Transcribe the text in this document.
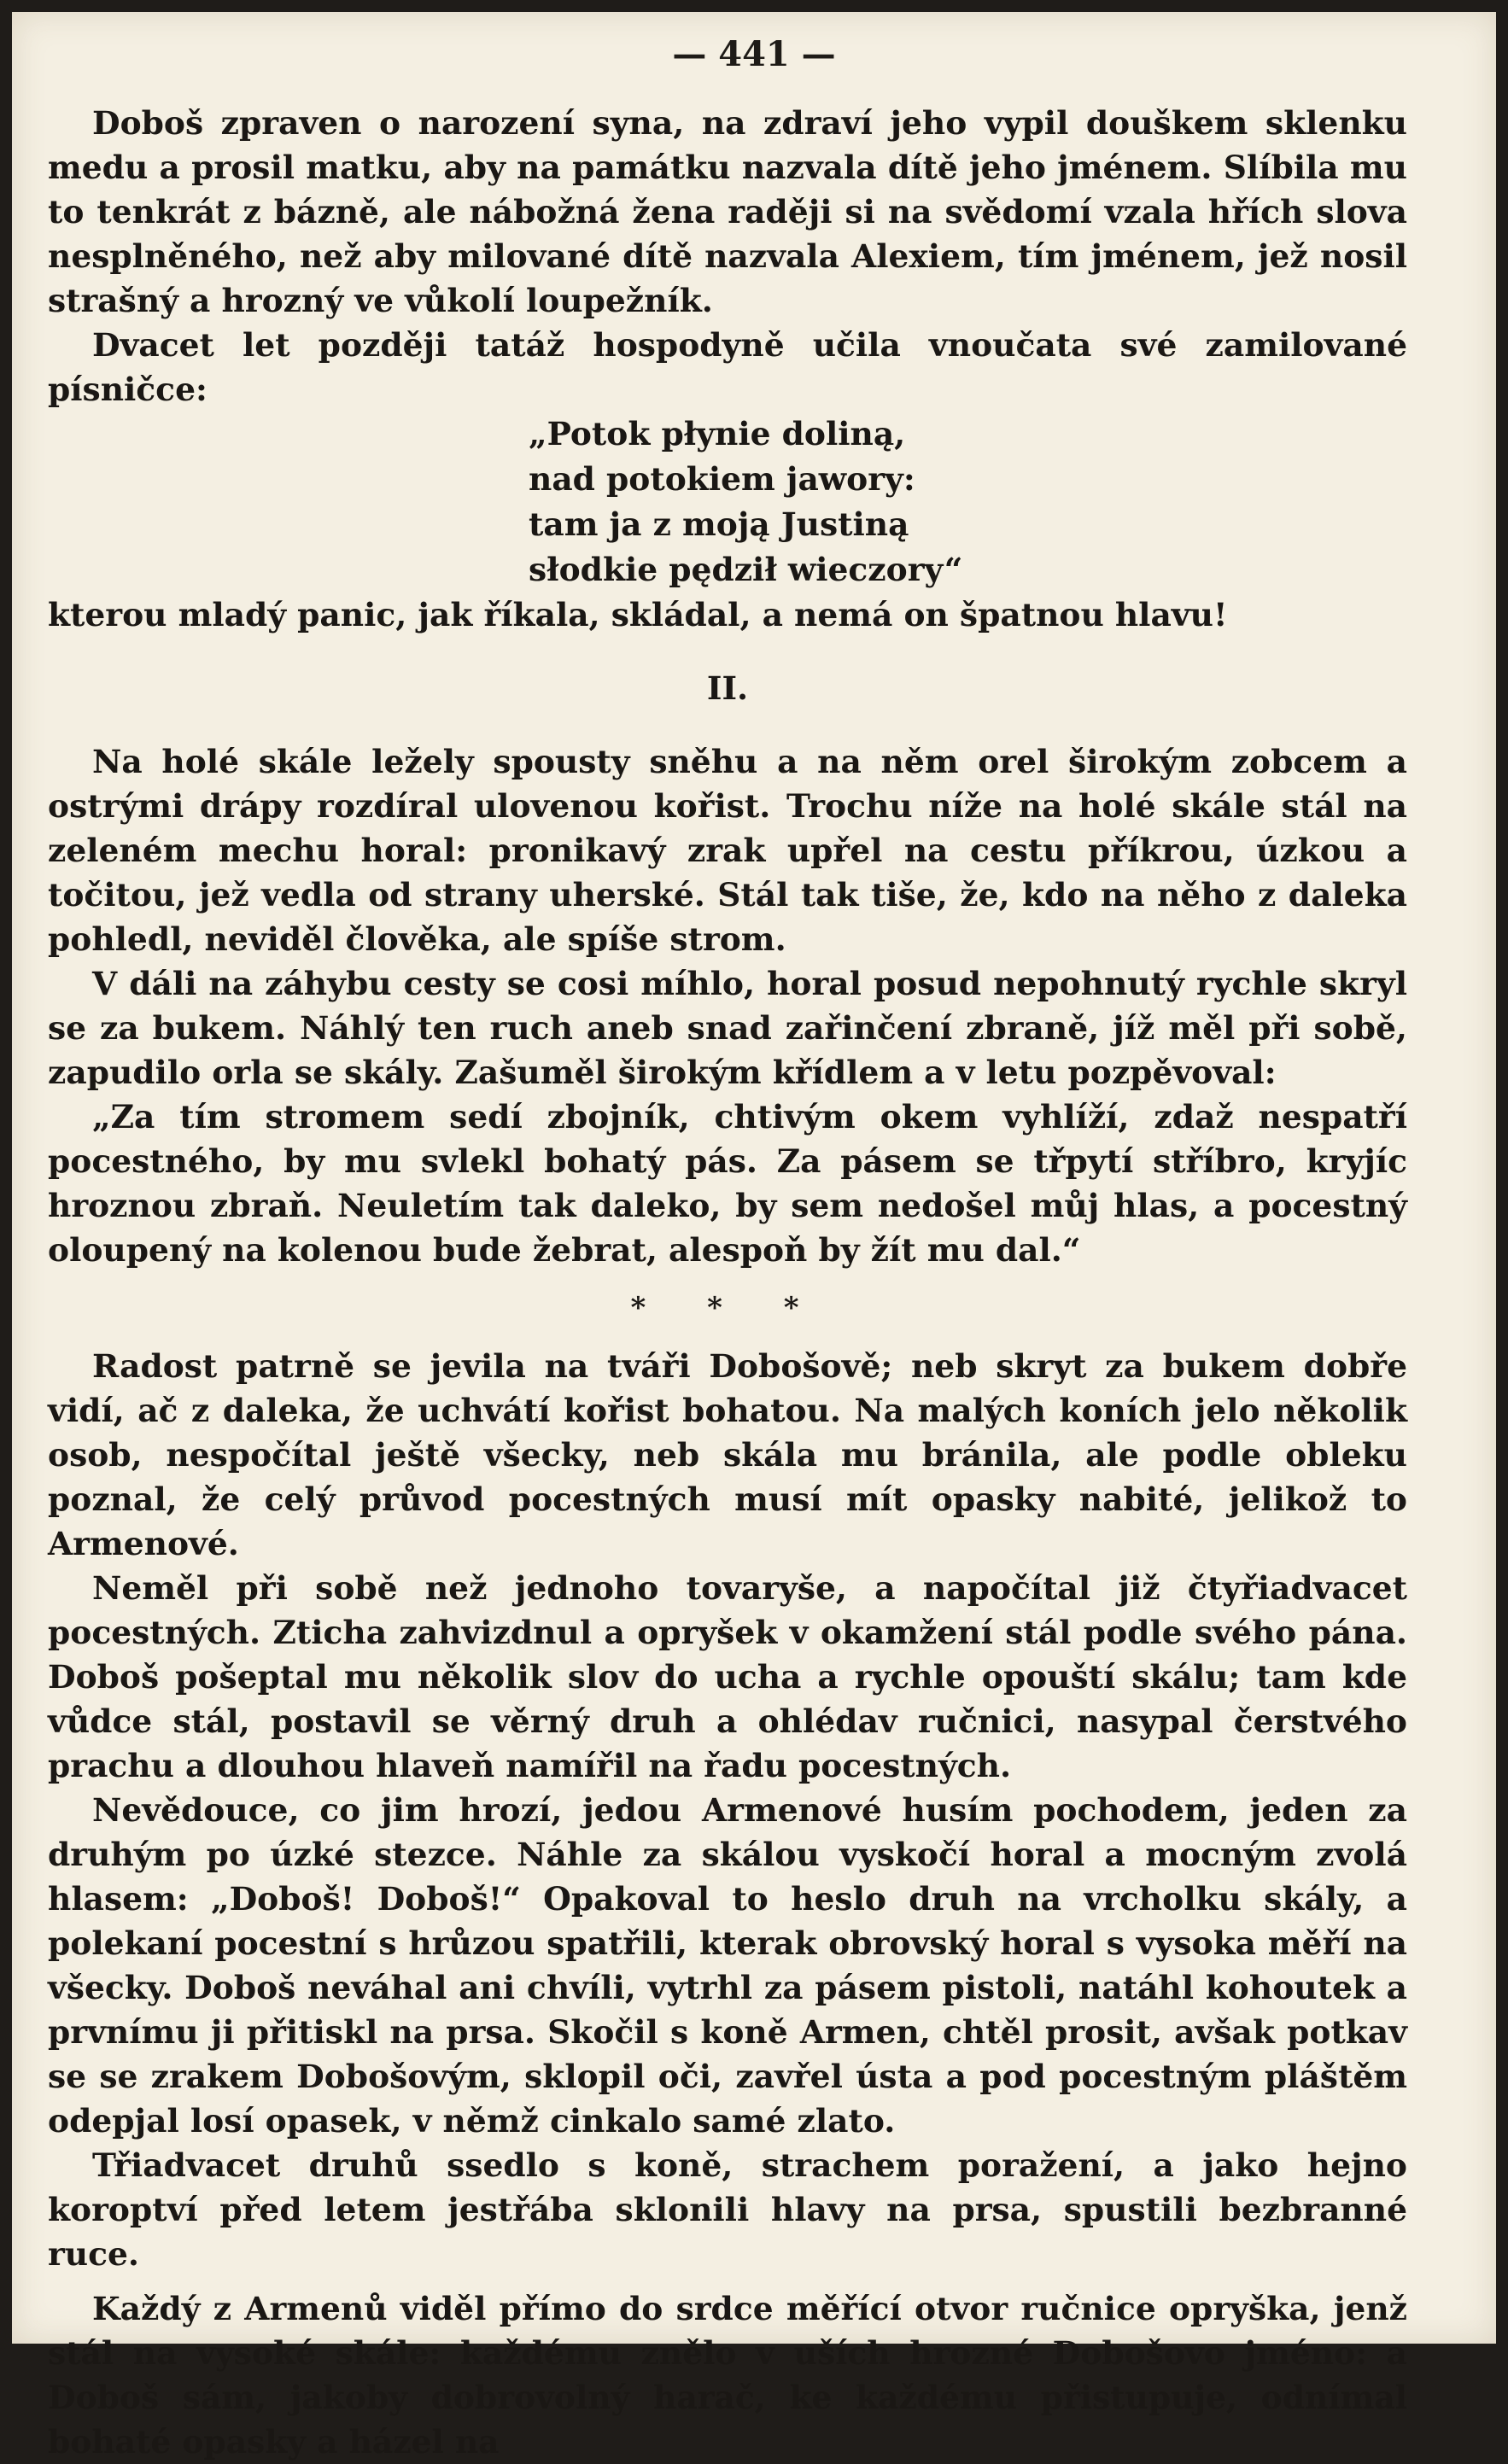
— 441 —

Doboš zpraven o narození syna, na zdraví jeho vypil douškem sklenku medu a prosil matku, aby na památku nazvala dítě jeho jménem. Slíbila mu to tenkrát z bázně, ale nábožná žena raději si na svědomí vzala hřích slova nesplněného, než aby milované dítě nazvala Alexiem, tím jménem, jež nosil strašný a hrozný ve vůkolí loupežník.

Dvacet let později tatáž hospodyně učila vnoučata své zamilované písničce:

„Potok płynie doliną,
nad potokiem jawory:
tam ja z moją Justiną
słodkie pędził wieczory“

kterou mladý panic, jak říkala, skládal, a nemá on špatnou hlavu!

II.

Na holé skále ležely spousty sněhu a na něm orel širokým zobcem a ostrými drápy rozdíral ulovenou kořist. Trochu níže na holé skále stál na zeleném mechu horal: pronikavý zrak upřel na cestu příkrou, úzkou a točitou, jež vedla od strany uherské. Stál tak tiše, že, kdo na něho z daleka pohledl, neviděl člověka, ale spíše strom.

V dáli na záhybu cesty se cosi míhlo, horal posud nepohnutý rychle skryl se za bukem. Náhlý ten ruch aneb snad zařinčení zbraně, jíž měl při sobě, zapudilo orla se skály. Zašuměl širokým křídlem a v letu pozpěvoval:

„Za tím stromem sedí zbojník, chtivým okem vyhlíží, zdaž nespatří pocestného, by mu svlekl bohatý pás. Za pásem se třpytí stříbro, kryjíc hroznou zbraň. Neuletím tak daleko, by sem nedošel můj hlas, a pocestný oloupený na kolenou bude žebrat, alespoň by žít mu dal.“

* * *

Radost patrně se jevila na tváři Dobošově; neb skryt za bukem dobře vidí, ač z daleka, že uchvátí kořist bohatou. Na malých koních jelo několik osob, nespočítal ještě všecky, neb skála mu bránila, ale podle obleku poznal, že celý průvod pocestných musí mít opasky nabité, jelikož to Armenové.

Neměl při sobě než jednoho tovaryše, a napočítal již čtyřiadvacet pocestných. Zticha zahvizdnul a opryšek v okamžení stál podle svého pána. Doboš pošeptal mu několik slov do ucha a rychle opouští skálu; tam kde vůdce stál, postavil se věrný druh a ohlédav ručnici, nasypal čerstvého prachu a dlouhou hlaveň namířil na řadu pocestných.

Nevědouce, co jim hrozí, jedou Armenové husím pochodem, jeden za druhým po úzké stezce. Náhle za skálou vyskočí horal a mocným zvolá hlasem: „Doboš! Doboš!“ Opakoval to heslo druh na vrcholku skály, a polekaní pocestní s hrůzou spatřili, kterak obrovský horal s vysoka měří na všecky. Doboš neváhal ani chvíli, vytrhl za pásem pistoli, natáhl kohoutek a prvnímu ji přitiskl na prsa. Skočil s koně Armen, chtěl prosit, avšak potkav se se zrakem Dobošovým, sklopil oči, zavřel ústa a pod pocestným pláštěm odepjal losí opasek, v němž cinkalo samé zlato.

Třiadvacet druhů ssedlo s koně, strachem poražení, a jako hejno koroptví před letem jestřába sklonili hlavy na prsa, spustili bezbranné ruce.

Každý z Armenů viděl přímo do srdce měřící otvor ručnice opryška, jenž stál na vysoké skále: každému znělo v uších hrozné Dobošovo jméno: a Doboš sám, jakoby dobrovolný harač, ke každému přistupuje, odnímal bohaté opasky a házel na
